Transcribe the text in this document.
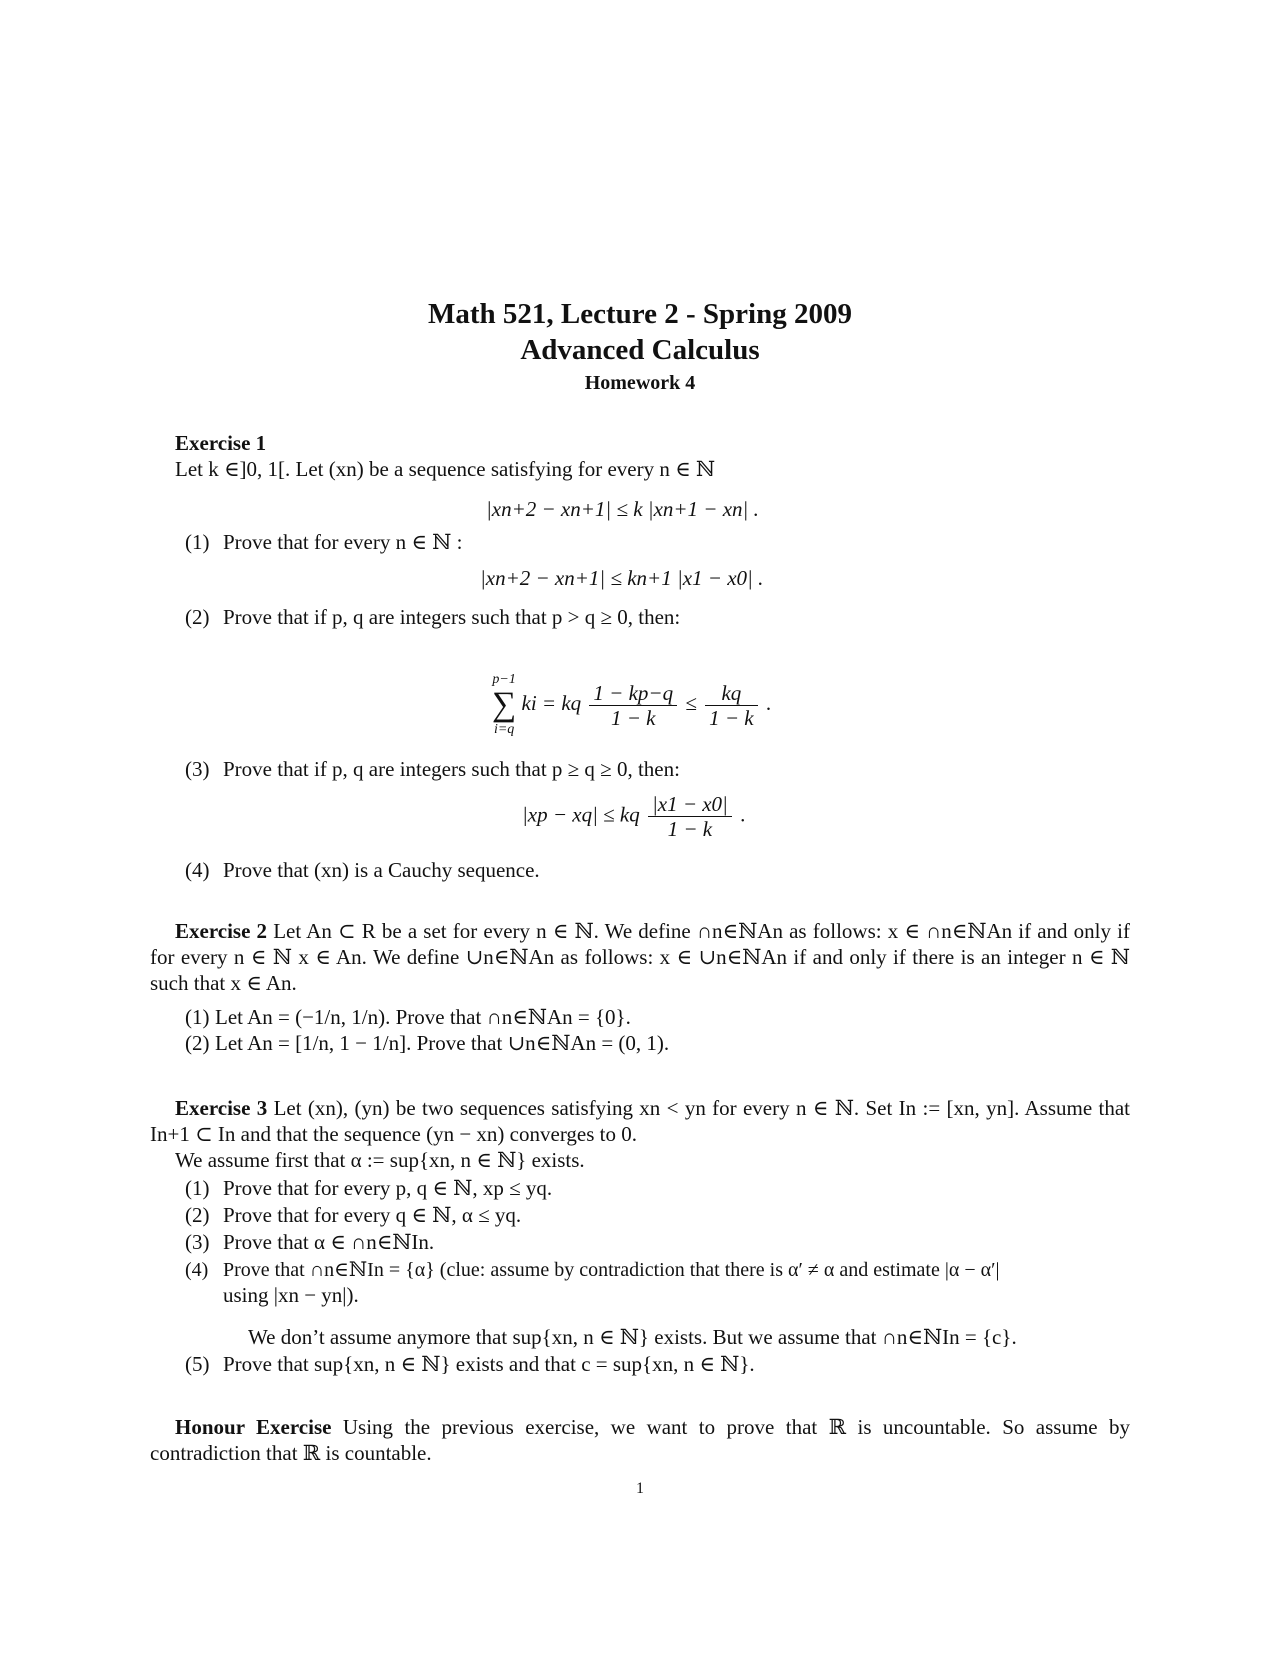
Math 521, Lecture 2 - Spring 2009
Advanced Calculus
Homework 4
Exercise 1
Let k ∈]0, 1[. Let (xn) be a sequence satisfying for every n ∈ ℕ
|xn+2 − xn+1| ≤ k |xn+1 − xn| .
(1) Prove that for every n ∈ ℕ :
|xn+2 − xn+1| ≤ kn+1 |x1 − x0| .
(2) Prove that if p, q are integers such that p > q ≥ 0, then:
p−1
∑
i=q
ki = kq $\frac{1 - kp-q}{1 - k} \le \frac{kq}{1 - k}$ .
(3) Prove that if p, q are integers such that p ≥ q ≥ 0, then:
|xp − xq| ≤ kq $\frac{|x1 - x0|}{1 - k}$ .
(4) Prove that (xn) is a Cauchy sequence.
Exercise 2 Let An ⊂ R be a set for every n ∈ ℕ. We define ∩n∈ℕAn as follows: x ∈ ∩n∈ℕAn if and only if for every n ∈ ℕ x ∈ An. We define ∪n∈ℕAn as follows: x ∈ ∪n∈ℕAn if and only if there is an integer n ∈ ℕ such that x ∈ An.
(1) Let An = (−1/n, 1/n). Prove that ∩n∈ℕAn = {0}.
(2) Let An = [1/n, 1 − 1/n]. Prove that ∪n∈ℕAn = (0, 1).
Exercise 3 Let (xn), (yn) be two sequences satisfying xn < yn for every n ∈ ℕ. Set In := [xn, yn]. Assume that In+1 ⊂ In and that the sequence (yn − xn) converges to 0.
We assume first that α := sup{xn, n ∈ ℕ} exists.
(1) Prove that for every p, q ∈ ℕ, xp ≤ yq.
(2) Prove that for every q ∈ ℕ, α ≤ yq.
(3) Prove that α ∈ ∩n∈ℕIn.
(4) Prove that ∩n∈ℕIn = {α} (clue: assume by contradiction that there is α′ ≠ α and estimate |α − α′|
using |xn − yn|).
We don’t assume anymore that sup{xn, n ∈ ℕ} exists. But we assume that ∩n∈ℕIn = {c}.
(5) Prove that sup{xn, n ∈ ℕ} exists and that c = sup{xn, n ∈ ℕ}.
Honour Exercise Using the previous exercise, we want to prove that ℝ is uncountable. So assume by contradiction that ℝ is countable.
1
